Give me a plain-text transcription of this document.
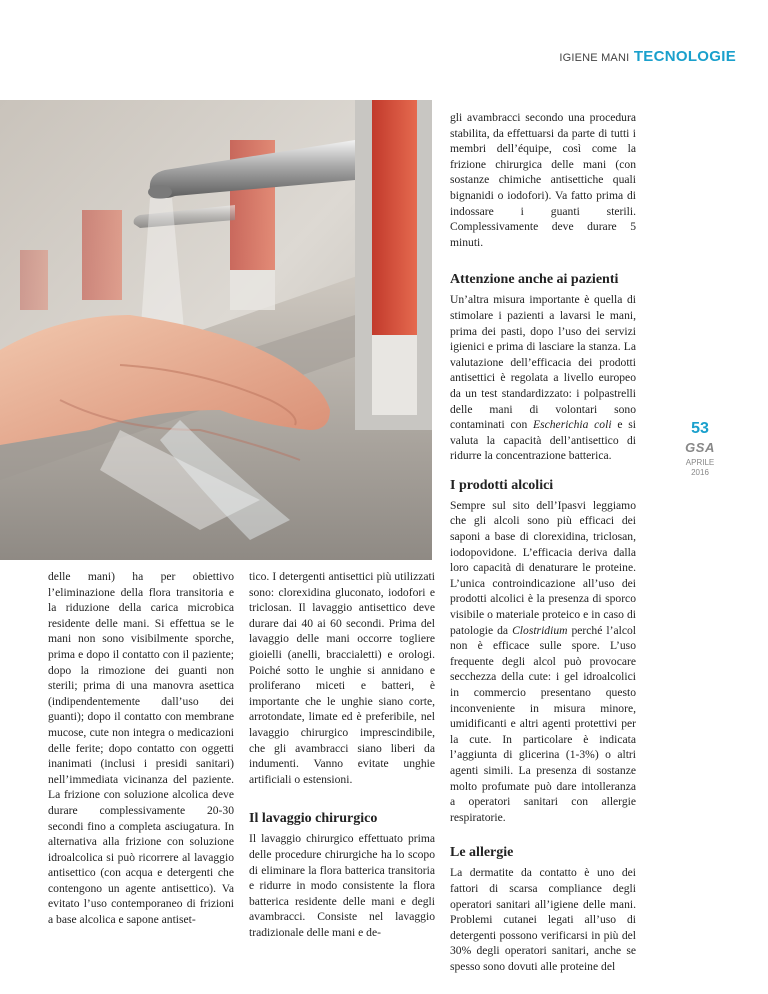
IGIENE MANI TECNOLOGIE

delle mani) ha per obiettivo l’eliminazione della flora transitoria e la riduzione della carica microbica residente delle mani. Si effettua se le mani non sono visibilmente sporche, prima e dopo il contatto con il paziente; dopo la rimozione dei guanti non sterili; prima di una manovra asettica (indipendentemente dall’uso dei guanti); dopo il contatto con membrane mucose, cute non integra o medicazioni delle ferite; dopo contatto con oggetti inanimati (inclusi i presidi sanitari) nell’immediata vicinanza del paziente. La frizione con soluzione alcolica deve durare complessivamente 20-30 secondi fino a completa asciugatura. In alternativa alla frizione con soluzione idroalcolica si può ricorrere al lavaggio antisettico (con acqua e detergenti che contengono un agente antisettico). Va evitato l’uso contemporaneo di frizioni a base alcolica e sapone antiset-

tico. I detergenti antisettici più utilizzati sono: clorexidina gluconato, iodofori e triclosan. Il lavaggio antisettico deve durare dai 40 ai 60 secondi. Prima del lavaggio delle mani occorre togliere gioielli (anelli, braccialetti) e orologi. Poiché sotto le unghie si annidano e proliferano miceti e batteri, è importante che le unghie siano corte, arrotondate, limate ed è preferibile, nel lavaggio chirurgico imprescindibile, che gli avambracci siano liberi da indumenti. Vanno evitate unghie artificiali o estensioni.

Il lavaggio chirurgico

Il lavaggio chirurgico effettuato prima delle procedure chirurgiche ha lo scopo di eliminare la flora batterica transitoria e ridurre in modo consistente la flora batterica residente delle mani e degli avambracci. Consiste nel lavaggio tradizionale delle mani e de-

gli avambracci secondo una procedura stabilita, da effettuarsi da parte di tutti i membri dell’équipe, così come la frizione chirurgica delle mani (con sostanze chimiche antisettiche quali bignanidi o iodofori). Va fatto prima di indossare i guanti sterili. Complessivamente deve durare 5 minuti.

Attenzione anche ai pazienti

Un’altra misura importante è quella di stimolare i pazienti a lavarsi le mani, prima dei pasti, dopo l’uso dei servizi igienici e prima di lasciare la stanza. La valutazione dell’efficacia dei prodotti antisettici è regolata a livello europeo da un test standardizzato: i polpastrelli delle mani di volontari sono contaminati con Escherichia coli e si valuta la capacità dell’antisettico di ridurre la concentrazione batterica.

I prodotti alcolici

Sempre sul sito dell’Ipasvi leggiamo che gli alcoli sono più efficaci dei saponi a base di clorexidina, triclosan, iodopovidone. L’efficacia deriva dalla loro capacità di denaturare le proteine. L’unica controindicazione all’uso dei prodotti alcolici è la presenza di sporco visibile o materiale proteico e in caso di patologie da Clostridium perché l’alcol non è efficace sulle spore. L’uso frequente degli alcol può provocare secchezza della cute: i gel idroalcolici in commercio presentano questo inconveniente in misura minore, umidificanti e altri agenti protettivi per la cute. In particolare è indicata l’aggiunta di glicerina (1-3%) o altri agenti simili. La presenza di sostanze molto profumate può dare intolleranza a operatori sanitari con allergie respiratorie.

Le allergie

La dermatite da contatto è uno dei fattori di scarsa compliance degli operatori sanitari all’igiene delle mani. Problemi cutanei legati all’uso di detergenti possono verificarsi in più del 30% degli operatori sanitari, anche se spesso sono dovuti alle proteine del

53
GSA
APRILE
2016
